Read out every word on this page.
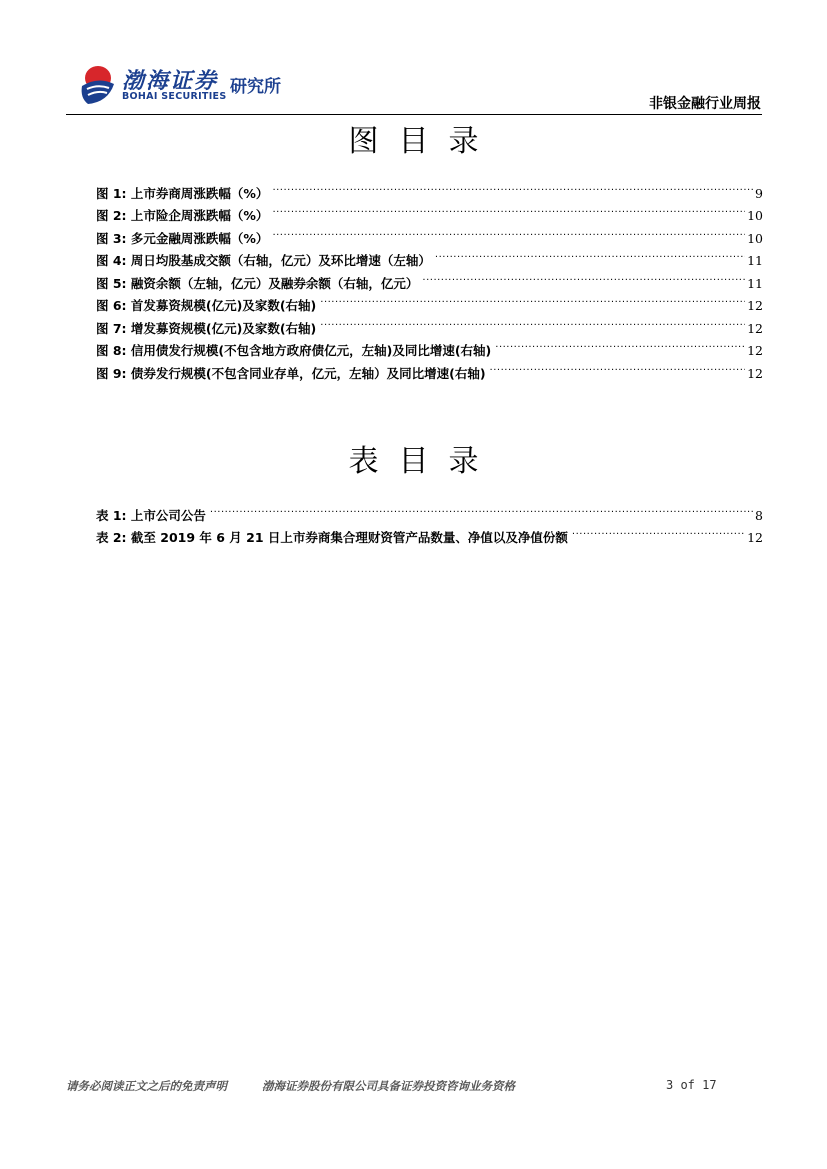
渤海证券
BOHAI SECURITIES 研究所
非银金融行业周报
图目录
图 1: 上市券商周涨跌幅（%） .....	9
图 2: 上市险企周涨跌幅（%） .....	10
图 3: 多元金融周涨跌幅（%） .....	10
图 4: 周日均股基成交额（右轴，亿元）及环比增速（左轴） .....	11
图 5: 融资余额（左轴，亿元）及融券余额（右轴，亿元） .....	11
图 6: 首发募资规模(亿元)及家数(右轴) .....	12
图 7: 增发募资规模(亿元)及家数(右轴) .....	12
图 8: 信用债发行规模(不包含地方政府债亿元，左轴)及同比增速(右轴) .....	12
图 9: 债券发行规模(不包含同业存单，亿元，左轴）及同比增速(右轴) .....	12
表目录
表 1: 上市公司公告 .....	8
表 2: 截至 2019 年 6 月 21 日上市券商集合理财资管产品数量、净值以及净值份额 .....	12
请务必阅读正文之后的免责声明	渤海证券股份有限公司具备证券投资咨询业务资格	3 of 17
